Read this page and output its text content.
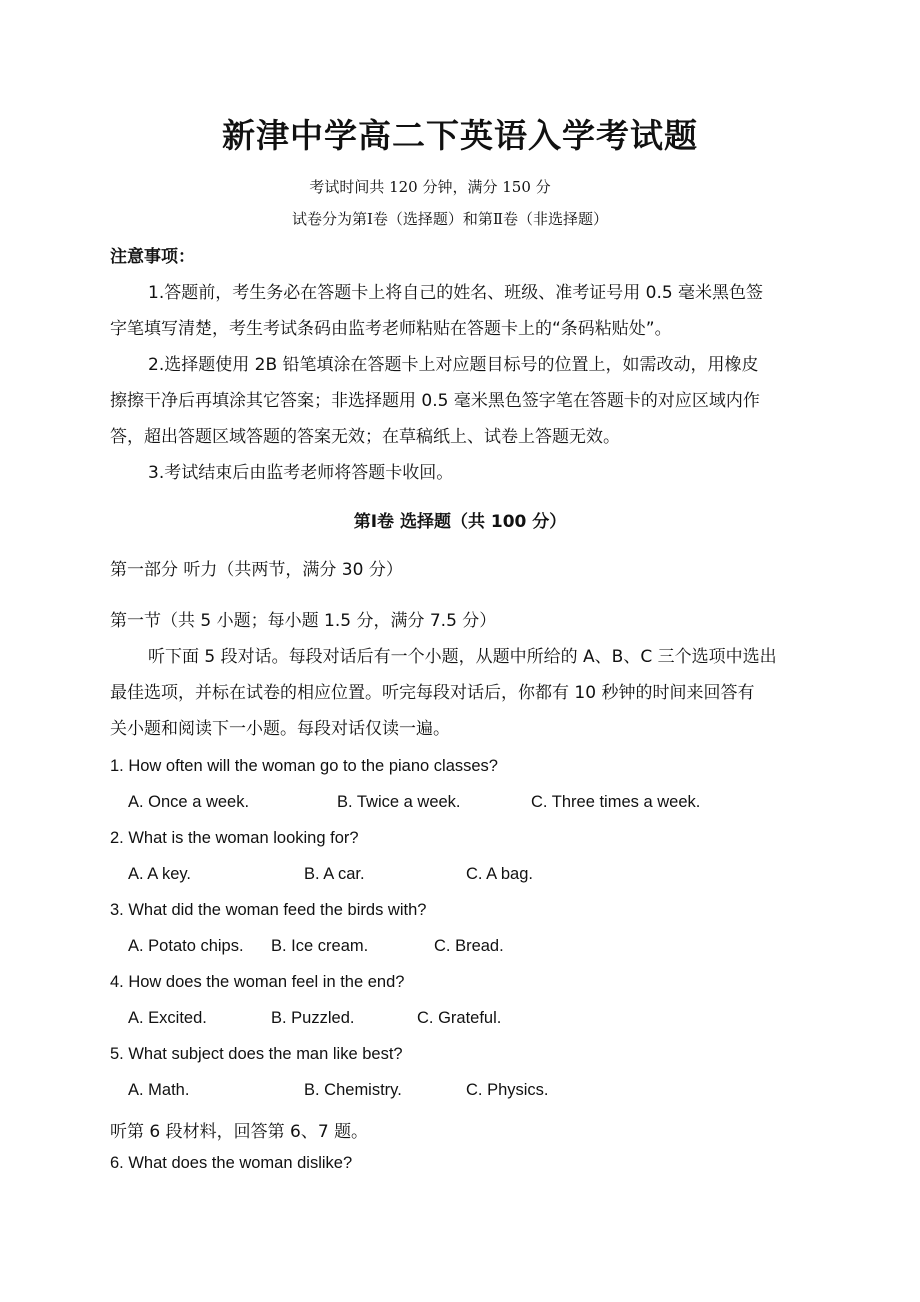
新津中学高二下英语入学考试题
考试时间共 120 分钟，满分 150 分
试卷分为第Ⅰ卷（选择题）和第Ⅱ卷（非选择题）
注意事项：
1.答题前，考生务必在答题卡上将自己的姓名、班级、准考证号用 0.5 毫米黑色签
字笔填写清楚，考生考试条码由监考老师粘贴在答题卡上的“条码粘贴处”。
2.选择题使用 2B 铅笔填涂在答题卡上对应题目标号的位置上，如需改动，用橡皮
擦擦干净后再填涂其它答案；非选择题用 0.5 毫米黑色签字笔在答题卡的对应区域内作
答，超出答题区域答题的答案无效；在草稿纸上、试卷上答题无效。
3.考试结束后由监考老师将答题卡收回。
第Ⅰ卷 选择题（共 100 分）
第一部分 听力（共两节，满分 30 分）
第一节（共 5 小题；每小题 1.5 分，满分 7.5 分）
听下面 5 段对话。每段对话后有一个小题，从题中所给的 A、B、C 三个选项中选出
最佳选项，并标在试卷的相应位置。听完每段对话后，你都有 10 秒钟的时间来回答有
关小题和阅读下一小题。每段对话仅读一遍。
1. How often will the woman go to the piano classes?
A. Once a week.	B. Twice a week.	C. Three times a week.
2. What is the woman looking for?
A. A key.	B. A car.	C. A bag.
3. What did the woman feed the birds with?
A. Potato chips. B. Ice cream.	C. Bread.
4. How does the woman feel in the end?
A. Excited.	B. Puzzled.	C. Grateful.
5. What subject does the man like best?
A. Math.	B. Chemistry.	C. Physics.
听第 6 段材料，回答第 6、7 题。
6. What does the woman dislike?
